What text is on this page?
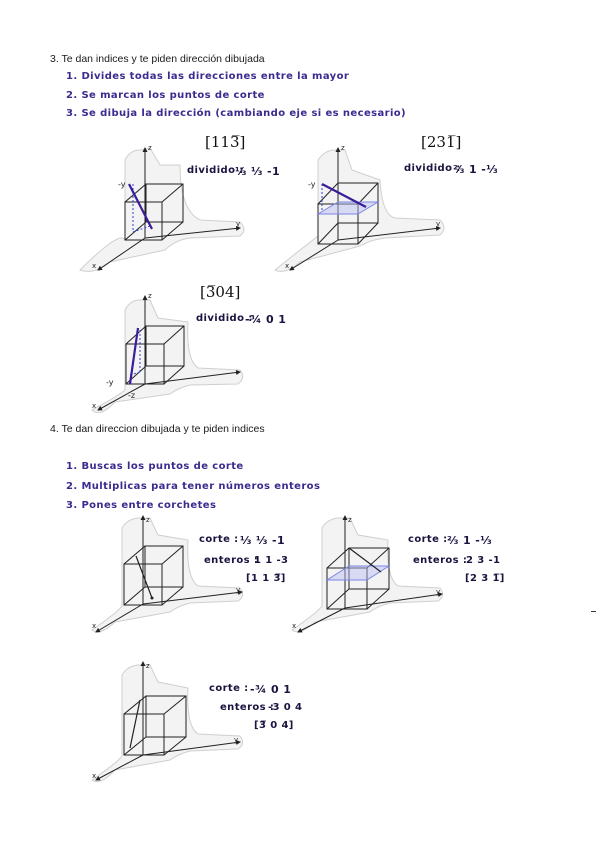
3. Te dan indices y te piden dirección dibujada
1. Divides todas las direcciones entre la mayor
2. Se marcan los puntos de corte
3. Se dibuja la dirección (cambiando eje si es necesario)
[113̅]
dividido :
⅓ ⅓ -1
[231̅]
dividido :
⅔ 1 -⅓
[3̅04]
dividido :
-¾ 0 1
4. Te dan direccion dibujada y te piden indices
1. Buscas los puntos de corte
2. Multiplicas para tener números enteros
3. Pones entre corchetes
corte : ⅓ ⅓ -1
enteros :
1 1 -3
[1 1 3̅]
corte : ⅔ 1 -⅓
enteros :
2 3 -1
[2 3 1̅]
corte : -¾ 0 1
enteros :
-3 0 4
[3̅ 0 4]
-y
z
y
x
-y
z
y
x
-y
-z
z
x
z
y
x
z
y
x
z
y
x
